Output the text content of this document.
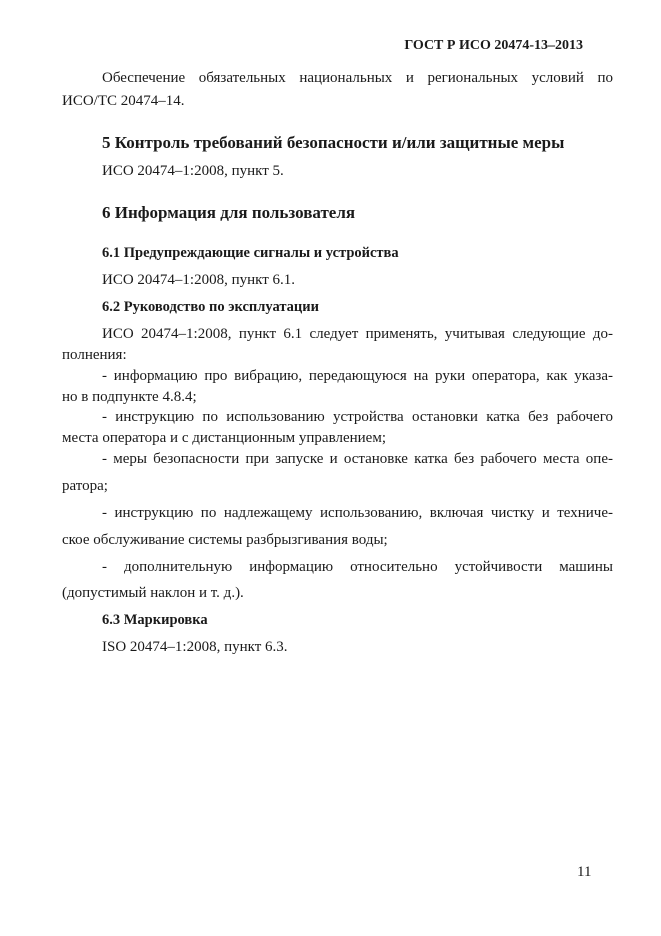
ГОСТ Р ИСО 20474-13–2013
Обеспечение обязательных национальных и региональных условий по
ИСО/ТС 20474–14.
5 Контроль требований безопасности и/или защитные меры
ИСО 20474–1:2008, пункт 5.
6 Информация для пользователя
6.1 Предупреждающие сигналы и устройства
ИСО 20474–1:2008, пункт 6.1.
6.2 Руководство по эксплуатации
ИСО 20474–1:2008, пункт 6.1 следует применять, учитывая следующие до-
полнения:
- информацию про вибрацию, передающуюся на руки оператора, как указа-
но в подпункте 4.8.4;
- инструкцию по использованию устройства остановки катка без рабочего
места оператора и с дистанционным управлением;
- меры безопасности при запуске и остановке катка без рабочего места опе-
ратора;
- инструкцию по надлежащему использованию, включая чистку и техниче-
ское обслуживание системы разбрызгивания воды;
- дополнительную информацию относительно устойчивости машины
(допустимый наклон и т. д.).
6.3 Маркировка
ISO 20474–1:2008, пункт 6.3.
11
